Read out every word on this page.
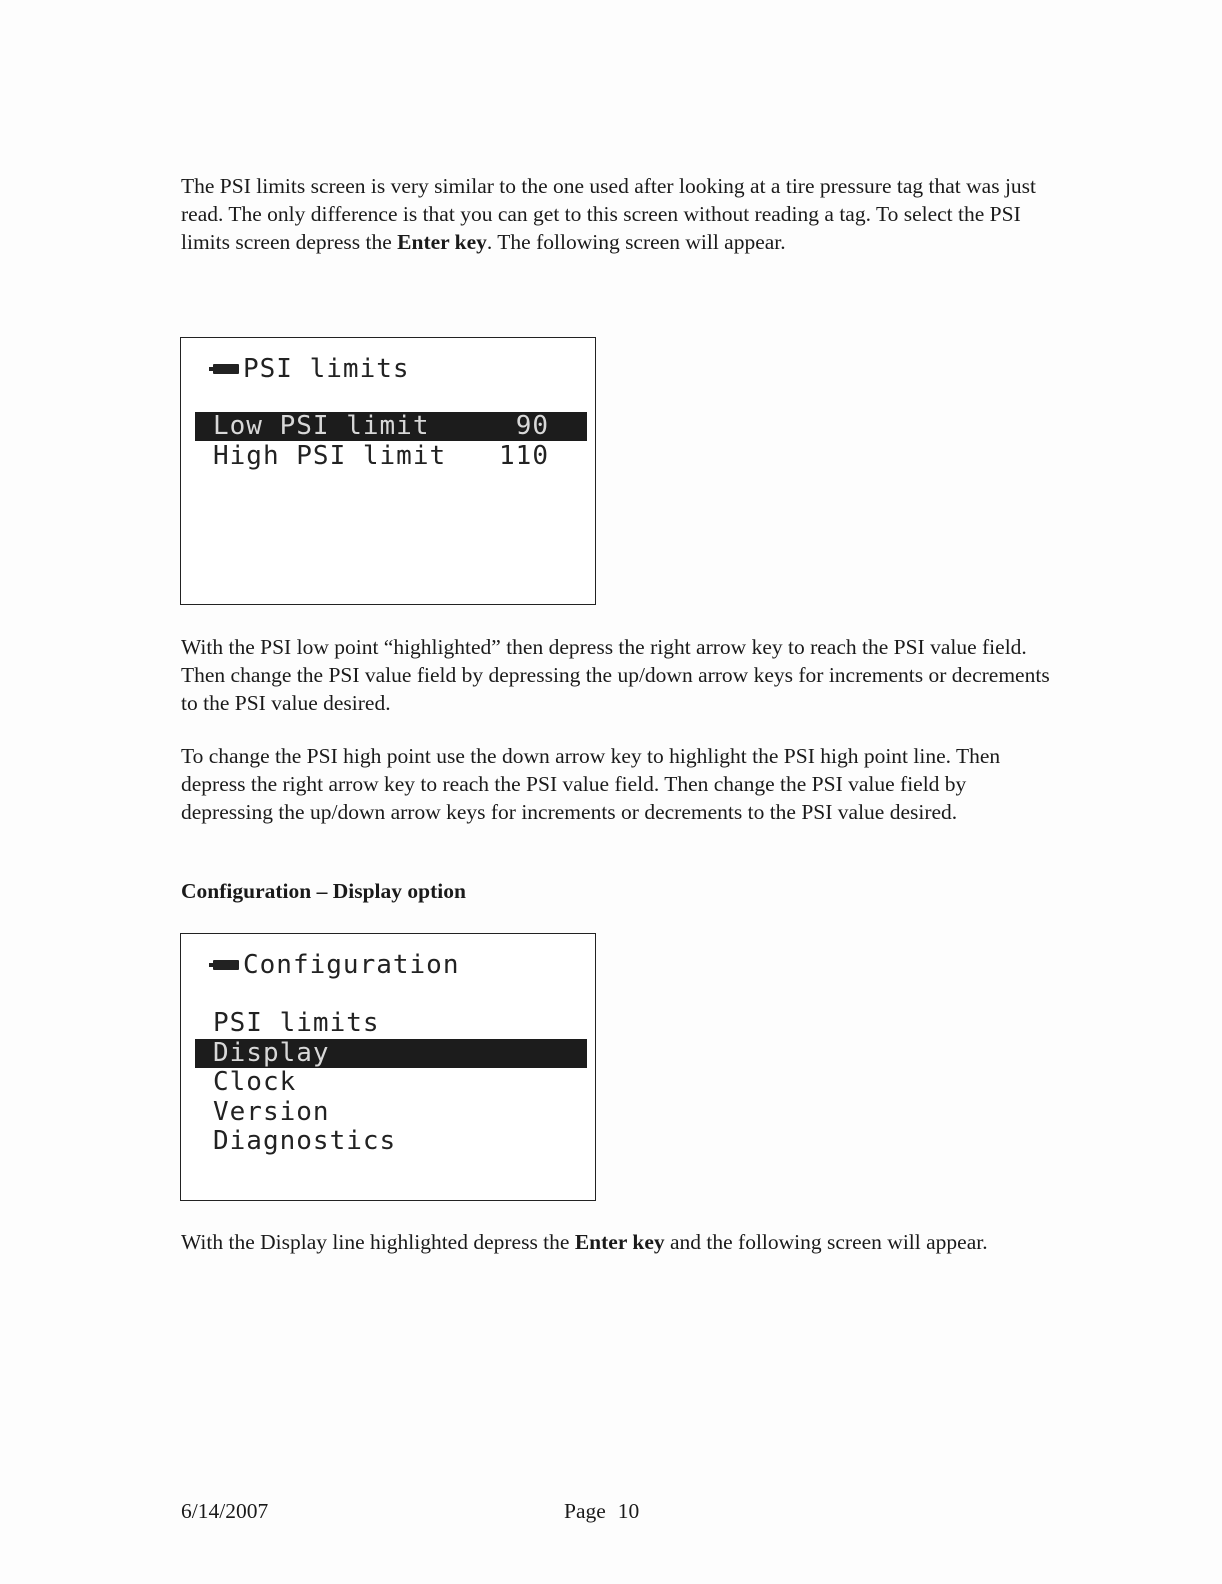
The PSI limits screen is very similar to the one used after looking at a tire pressure tag that was just read. The only difference is that you can get to this screen without reading a tag. To select the PSI limits screen depress the Enter key. The following screen will appear.
PSI limits
Low PSI limit	90
High PSI limit 110
With the PSI low point “highlighted” then depress the right arrow key to reach the PSI value field. Then change the PSI value field by depressing the up/down arrow keys for increments or decrements to the PSI value desired.
To change the PSI high point use the down arrow key to highlight the PSI high point line. Then depress the right arrow key to reach the PSI value field. Then change the PSI value field by depressing the up/down arrow keys for increments or decrements to the PSI value desired.
Configuration – Display option
Configuration
PSI limits
Display
Clock
Version
Diagnostics
With the Display line highlighted depress the Enter key and the following screen will appear.
6/14/2007	Page 10
